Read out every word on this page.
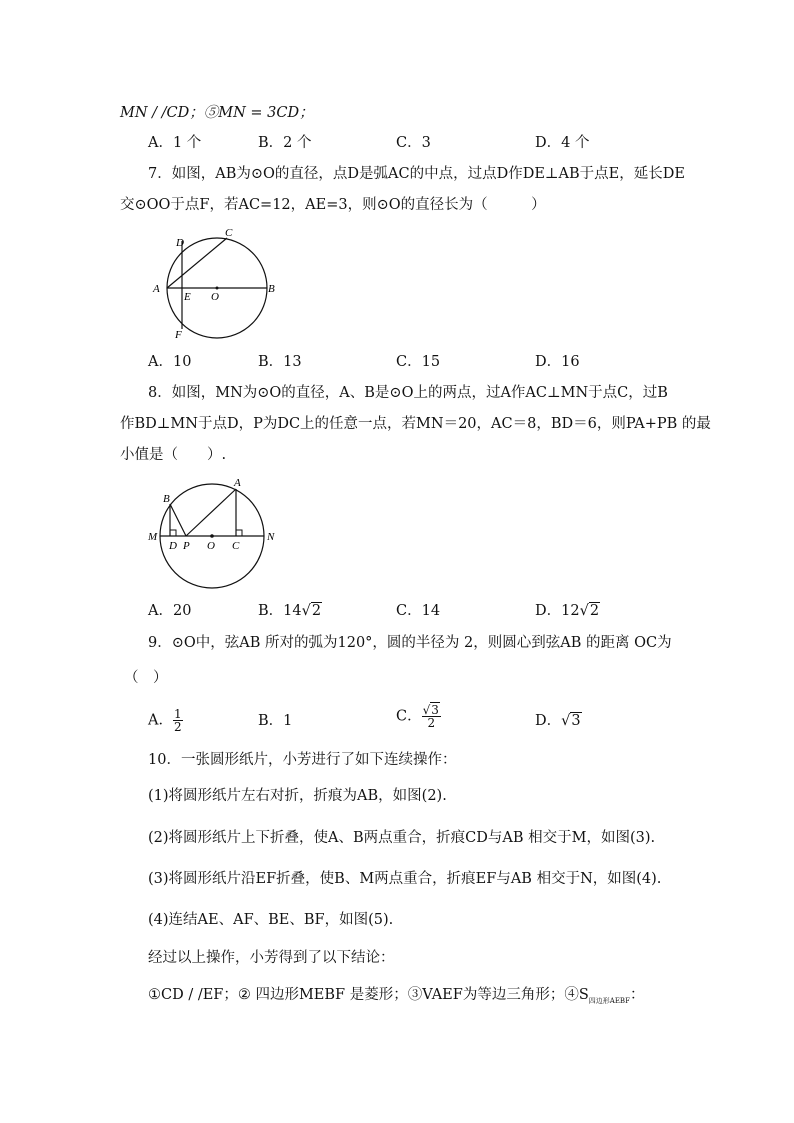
MN / /CD；⑤MN = 3CD；
A．1 个	B．2 个	C．3	D．4 个
7．如图，AB为⊙O的直径，点D是弧AC的中点，过点D作DE⊥AB于点E，延长DE
交⊙OO于点F，若AC=12，AE=3，则⊙O的直径长为（　　　）
D
C
A
E O
B
F
A．10	B．13	C．15	D．16
8．如图，MN为⊙O的直径，A、B是⊙O上的两点，过A作AC⊥MN于点C，过B
作BD⊥MN于点D，P为DC上的任意一点，若MN＝20，AC＝8，BD＝6，则PA+PB 的最
小值是（　　）.
B
A
M
D P O C
N
A．20	B．14√2	C．14	D．12√2
9．⊙O中，弦AB 所对的弧为120°，圆的半径为 2，则圆心到弦AB 的距离 OC为
（　）
A． $\frac{1}{2}$	B．1	C． $\frac{√3}{2}$	D．√3
10．一张圆形纸片，小芳进行了如下连续操作：
(1)将圆形纸片左右对折，折痕为AB，如图(2).
(2)将圆形纸片上下折叠，使A、B两点重合，折痕CD与AB 相交于M，如图(3).
(3)将圆形纸片沿EF折叠，使B、M两点重合，折痕EF与AB 相交于N，如图(4).
(4)连结AE、AF、BE、BF，如图(5).
经过以上操作，小芳得到了以下结论：
①CD / /EF；② 四边形MEBF 是菱形；③VAEF为等边三角形；$④S_{四边形AEBF}$：
